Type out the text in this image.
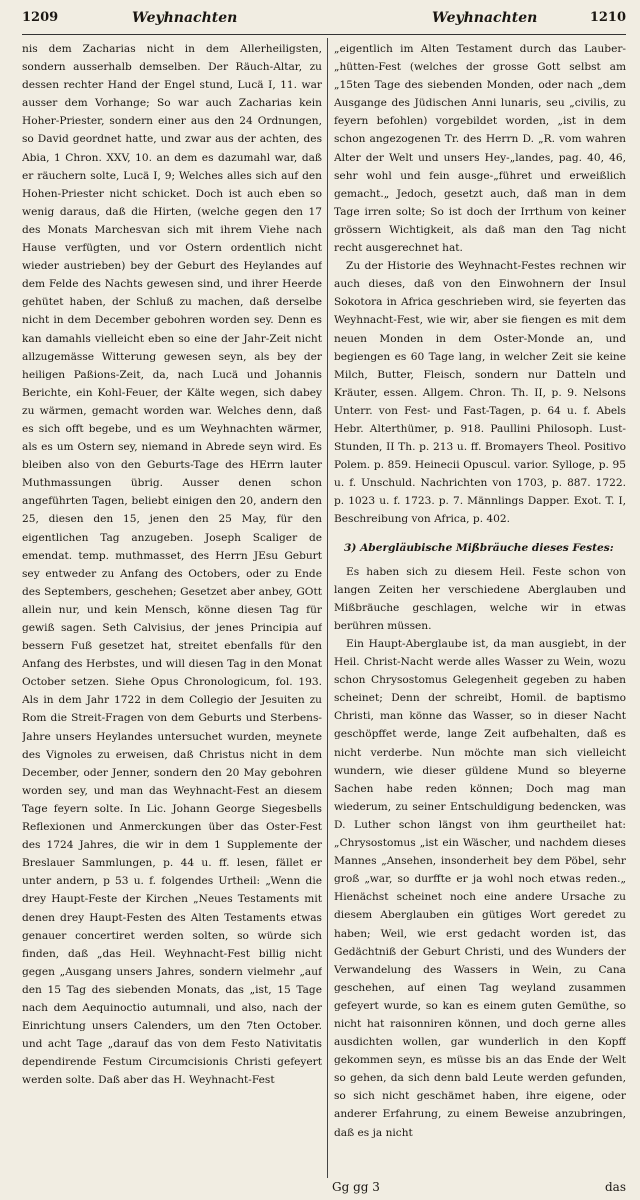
1209	Weyhnachten	Weyhnachten	1210

nis dem Zacharias nicht in dem Allerheiligsten, sondern ausserhalb demselben. Der Räuch-Altar, zu dessen rechter Hand der Engel stund, Lucä I, 11. war ausser dem Vorhange; So war auch Zacharias kein Hoher-Priester, sondern einer aus den 24 Ordnungen, so David geordnet hatte, und zwar aus der achten, des Abia, 1 Chron. XXV, 10. an dem es dazumahl war, daß er räuchern solte, Lucä I, 9; Welches alles sich auf den Hohen-Priester nicht schicket. Doch ist auch eben so wenig daraus, daß die Hirten, (welche gegen den 17 des Monats Marchesvan sich mit ihrem Viehe nach Hause verfügten, und vor Ostern ordentlich nicht wieder austrieben) bey der Geburt des Heylandes auf dem Felde des Nachts gewesen sind, und ihrer Heerde gehütet haben, der Schluß zu machen, daß derselbe nicht in dem December gebohren worden sey. Denn es kan damahls vielleicht eben so eine der Jahr-Zeit nicht allzugemässe Witterung gewesen seyn, als bey der heiligen Paßions-Zeit, da, nach Lucä und Johannis Berichte, ein Kohl-Feuer, der Kälte wegen, sich dabey zu wärmen, gemacht worden war. Welches denn, daß es sich offt begebe, und es um Weyhnachten wärmer, als es um Ostern sey, niemand in Abrede seyn wird. Es bleiben also von den Geburts-Tage des HErrn lauter Muthmassungen übrig. Ausser denen schon angeführten Tagen, beliebt einigen den 20, andern den 25, diesen den 15, jenen den 25 May, für den eigentlichen Tag anzugeben. Joseph Scaliger de emendat. temp. muthmasset, des Herrn JEsu Geburt sey entweder zu Anfang des Octobers, oder zu Ende des Septembers, geschehen; Gesetzet aber anbey, GOtt allein nur, und kein Mensch, könne diesen Tag für gewiß sagen. Seth Calvisius, der jenes Principia auf bessern Fuß gesetzet hat, streitet ebenfalls für den Anfang des Herbstes, und will diesen Tag in den Monat October setzen. Siehe Opus Chronologicum, fol. 193. Als in dem Jahr 1722 in dem Collegio der Jesuiten zu Rom die Streit-Fragen von dem Geburts und Sterbens-Jahre unsers Heylandes untersuchet wurden, meynete des Vignoles zu erweisen, daß Christus nicht in dem December, oder Jenner, sondern den 20 May gebohren worden sey, und man das Weyhnacht-Fest an diesem Tage feyern solte. In Lic. Johann George Siegesbells Reflexionen und Anmerckungen über das Oster-Fest des 1724 Jahres, die wir in dem 1 Supplemente der Breslauer Sammlungen, p. 44 u. ff. lesen, fället er unter andern, p 53 u. f. folgendes Urtheil: „Wenn die drey Haupt-Feste der Kirchen „Neues Testaments mit denen drey Haupt-Festen des Alten Testaments etwas genauer concertiret werden solten, so würde sich finden, daß „das Heil. Weyhnacht-Fest billig nicht gegen „Ausgang unsers Jahres, sondern vielmehr „auf den 15 Tag des siebenden Monats, das „ist, 15 Tage nach dem Aequinoctio autumnali, und also, nach der Einrichtung unsers Calenders, um den 7ten October. und acht Tage „darauf das von dem Festo Nativitatis dependirende Festum Circumcisionis Christi gefeyert werden solte. Daß aber das H. Weyhnacht-Fest

„eigentlich im Alten Testament durch das Lauber-„hütten-Fest (welches der grosse Gott selbst am „15ten Tage des siebenden Monden, oder nach „dem Ausgange des Jüdischen Anni lunaris, seu „civilis, zu feyern befohlen) vorgebildet worden, „ist in dem schon angezogenen Tr. des Herrn D. „R. vom wahren Alter der Welt und unsers Hey-„landes, pag. 40, 46, sehr wohl und fein ausge-„führet und erweißlich gemacht.„ Jedoch, gesetzt auch, daß man in dem Tage irren solte; So ist doch der Irrthum von keiner grössern Wichtigkeit, als daß man den Tag nicht recht ausgerechnet hat.

Zu der Historie des Weyhnacht-Festes rechnen wir auch dieses, daß von den Einwohnern der Insul Sokotora in Africa geschrieben wird, sie feyerten das Weyhnacht-Fest, wie wir, aber sie fiengen es mit dem neuen Monden in dem Oster-Monde an, und begiengen es 60 Tage lang, in welcher Zeit sie keine Milch, Butter, Fleisch, sondern nur Datteln und Kräuter, essen. Allgem. Chron. Th. II, p. 9. Nelsons Unterr. von Fest- und Fast-Tagen, p. 64 u. f. Abels Hebr. Alterthümer, p. 918. Paullini Philosoph. Lust-Stunden, II Th. p. 213 u. ff. Bromayers Theol. Positivo Polem. p. 859. Heinecii Opuscul. varior. Sylloge, p. 95 u. f. Unschuld. Nachrichten von 1703, p. 887. 1722. p. 1023 u. f. 1723. p. 7. Männlings Dapper. Exot. T. I, Beschreibung von Africa, p. 402.

3) Abergläubische Mißbräuche dieses Festes:

Es haben sich zu diesem Heil. Feste schon von langen Zeiten her verschiedene Aberglauben und Mißbräuche geschlagen, welche wir in etwas berühren müssen.

Ein Haupt-Aberglaube ist, da man ausgiebt, in der Heil. Christ-Nacht werde alles Wasser zu Wein, wozu schon Chrysostomus Gelegenheit gegeben zu haben scheinet; Denn der schreibt, Homil. de baptismo Christi, man könne das Wasser, so in dieser Nacht geschöpffet werde, lange Zeit aufbehalten, daß es nicht verderbe. Nun möchte man sich vielleicht wundern, wie dieser güldene Mund so bleyerne Sachen habe reden können; Doch mag man wiederum, zu seiner Entschuldigung bedencken, was D. Luther schon längst von ihm geurtheilet hat: „Chrysostomus „ist ein Wäscher, und nachdem dieses Mannes „Ansehen, insonderheit bey dem Pöbel, sehr groß „war, so durffte er ja wohl noch etwas reden.„ Hienächst scheinet noch eine andere Ursache zu diesem Aberglauben ein gütiges Wort geredet zu haben; Weil, wie erst gedacht worden ist, das Gedächtniß der Geburt Christi, und des Wunders der Verwandelung des Wassers in Wein, zu Cana geschehen, auf einen Tag weyland zusammen gefeyert wurde, so kan es einem guten Gemüthe, so nicht hat raisonniren können, und doch gerne alles ausdichten wollen, gar wunderlich in den Kopff gekommen seyn, es müsse bis an das Ende der Welt so gehen, da sich denn bald Leute werden gefunden, so sich nicht geschämet haben, ihre eigene, oder anderer Erfahrung, zu einem Beweise anzubringen, daß es ja nicht

Gg gg 3	das
